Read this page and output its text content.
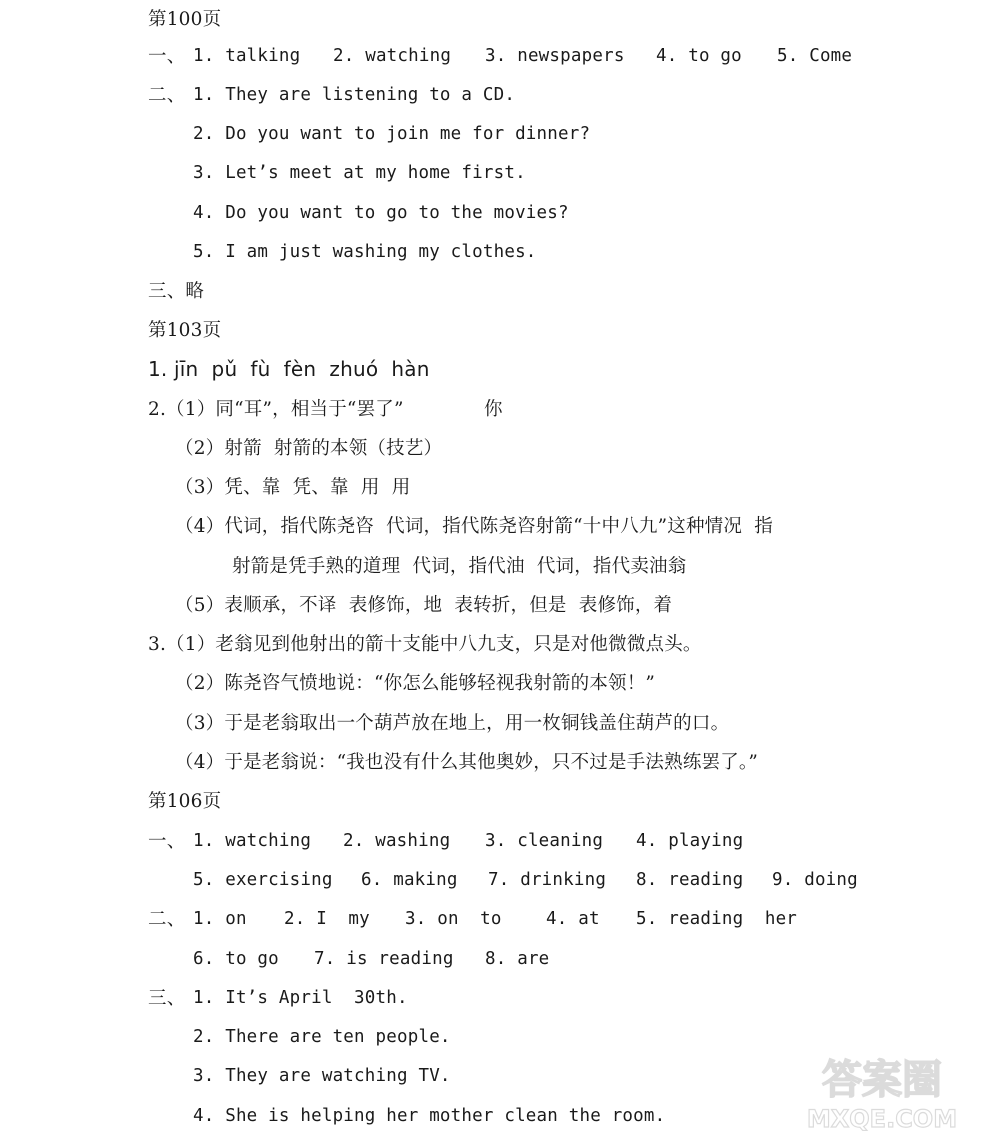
第100页
一、 1. talking 2. watching 3. newspapers 4. to go 5. Come
二、 1. They are listening to a CD.
2. Do you want to join me for dinner?
3. Let’s meet at my home first.
4. Do you want to go to the movies?
5. I am just washing my clothes.
三、略
第103页
1. jīn  pǔ  fù  fèn  zhuó  hàn
2.（1）同“耳”，相当于“罢了”	你
（2）射箭  射箭的本领（技艺）
（3）凭、靠  凭、靠  用  用
（4）代词，指代陈尧咨  代词，指代陈尧咨射箭“十中八九”这种情况  指
射箭是凭手熟的道理  代词，指代油  代词，指代卖油翁
（5）表顺承，不译  表修饰，地  表转折，但是  表修饰，着
3.（1）老翁见到他射出的箭十支能中八九支，只是对他微微点头。
（2）陈尧咨气愤地说：“你怎么能够轻视我射箭的本领！”
（3）于是老翁取出一个葫芦放在地上，用一枚铜钱盖住葫芦的口。
（4）于是老翁说：“我也没有什么其他奥妙，只不过是手法熟练罢了。”
第106页
一、 1. watching 2. washing 3. cleaning 4. playing
5. exercising 6. making 7. drinking 8. reading 9. doing
二、 1. on 2. I  my 3. on  to	4. at 5. reading  her
6. to go 7. is reading 8. are
三、 1. It’s April  30th.
2. There are ten people.
3. They are watching TV.
4. She is helping her mother clean the room.
答案圈
MXQE.COM
